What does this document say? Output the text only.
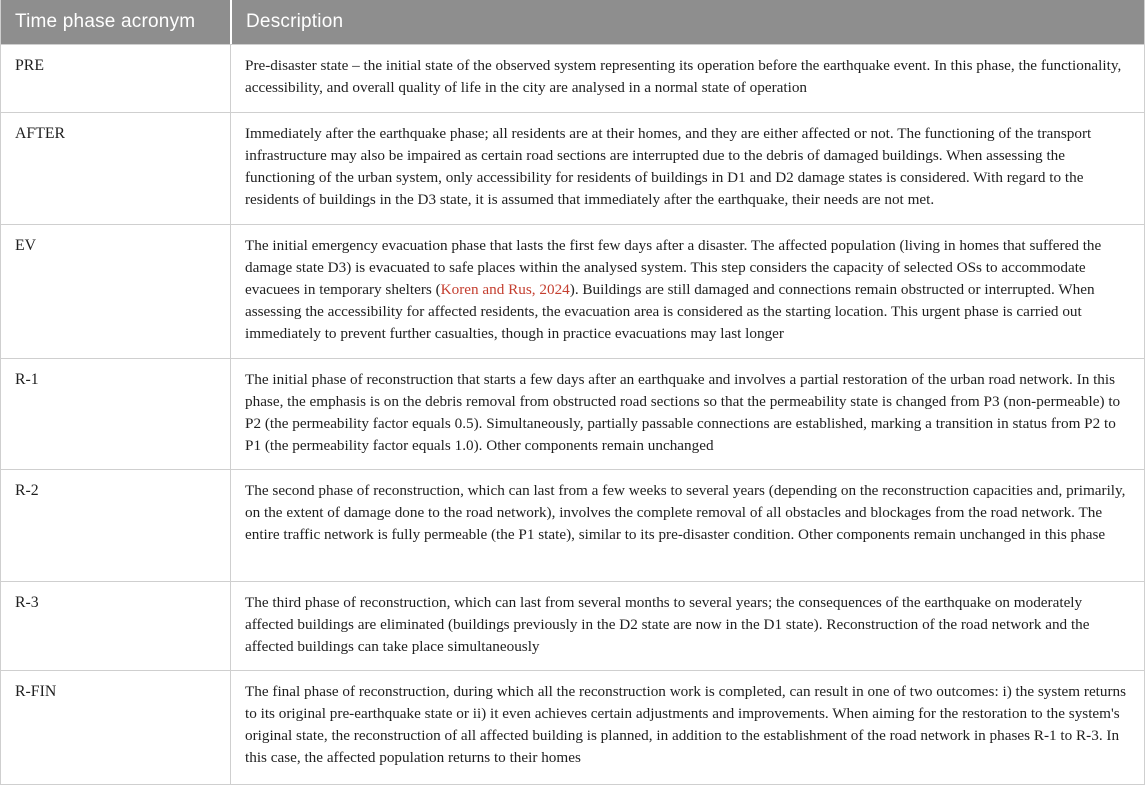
Time phase acronym	Description
PRE	Pre-disaster state – the initial state of the observed system representing its operation before the earthquake event. In this phase, the functionality, accessibility, and overall quality of life in the city are analysed in a normal state of operation
AFTER	Immediately after the earthquake phase; all residents are at their homes, and they are either affected or not. The functioning of the transport infrastructure may also be impaired as certain road sections are interrupted due to the debris of damaged buildings. When assessing the functioning of the urban system, only accessibility for residents of buildings in D1 and D2 damage states is considered. With regard to the residents of buildings in the D3 state, it is assumed that immediately after the earthquake, their needs are not met.
EV	The initial emergency evacuation phase that lasts the first few days after a disaster. The affected population (living in homes that suffered the damage state D3) is evacuated to safe places within the analysed system. This step considers the capacity of selected OSs to accommodate evacuees in temporary shelters (Koren and Rus, 2024). Buildings are still damaged and connections remain obstructed or interrupted. When assessing the accessibility for affected residents, the evacuation area is considered as the starting location. This urgent phase is carried out immediately to prevent further casualties, though in practice evacuations may last longer
R-1	The initial phase of reconstruction that starts a few days after an earthquake and involves a partial restoration of the urban road network. In this phase, the emphasis is on the debris removal from obstructed road sections so that the permeability state is changed from P3 (non-permeable) to P2 (the permeability factor equals 0.5). Simultaneously, partially passable connections are established, marking a transition in status from P2 to P1 (the permeability factor equals 1.0). Other components remain unchanged
R-2	The second phase of reconstruction, which can last from a few weeks to several years (depending on the reconstruction capacities and, primarily, on the extent of damage done to the road network), involves the complete removal of all obstacles and blockages from the road network. The entire traffic network is fully permeable (the P1 state), similar to its pre-disaster condition. Other components remain unchanged in this phase
R-3	The third phase of reconstruction, which can last from several months to several years; the consequences of the earthquake on moderately affected buildings are eliminated (buildings previously in the D2 state are now in the D1 state). Reconstruction of the road network and the affected buildings can take place simultaneously
R-FIN	The final phase of reconstruction, during which all the reconstruction work is completed, can result in one of two outcomes: i) the system returns to its original pre-earthquake state or ii) it even achieves certain adjustments and improvements. When aiming for the restoration to the system's original state, the reconstruction of all affected building is planned, in addition to the establishment of the road network in phases R-1 to R-3. In this case, the affected population returns to their homes
